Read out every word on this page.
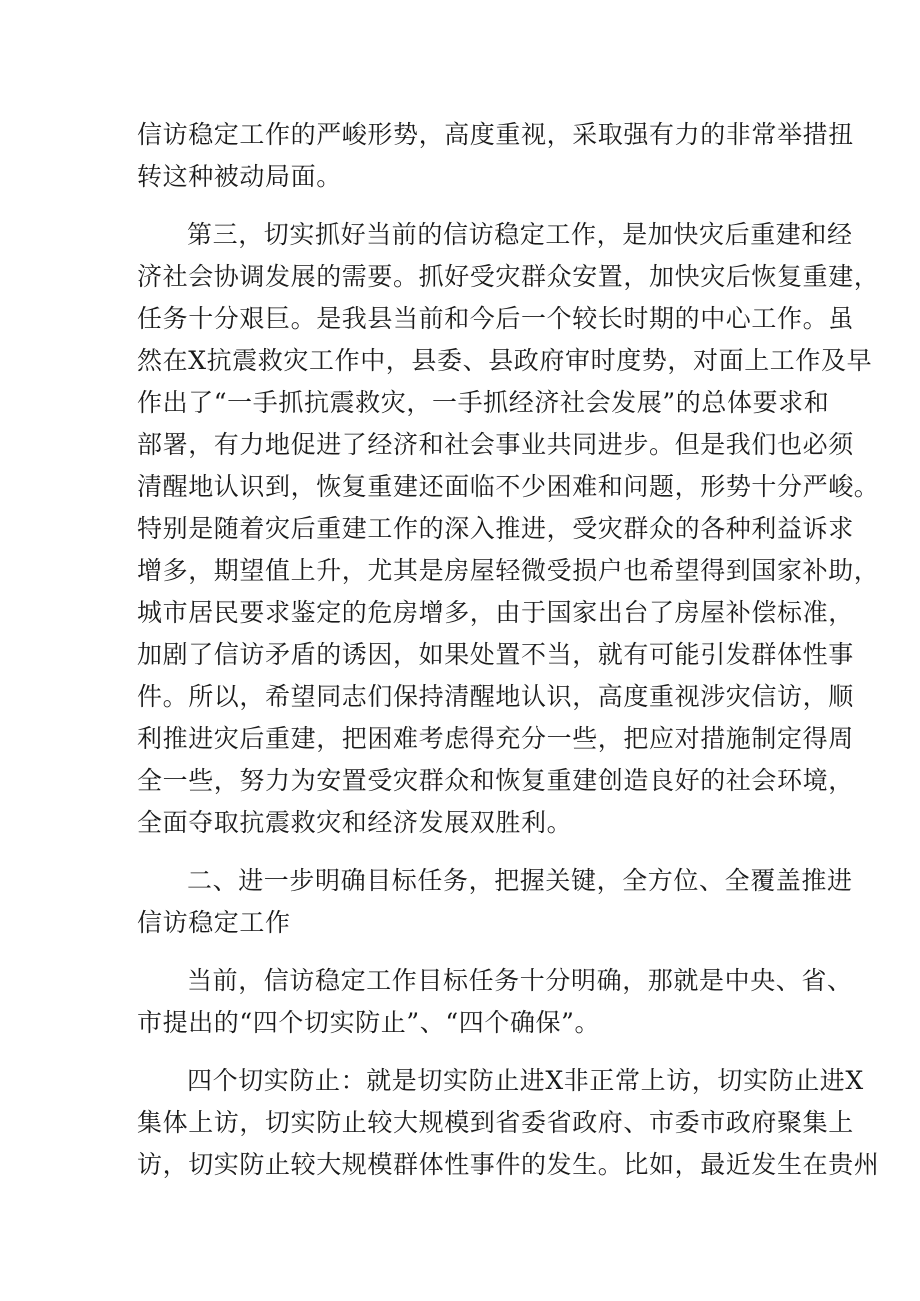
信访稳定工作的严峻形势，高度重视，采取强有力的非常举措扭
转这种被动局面。
第三，切实抓好当前的信访稳定工作，是加快灾后重建和经
济社会协调发展的需要。抓好受灾群众安置，加快灾后恢复重建，
任务十分艰巨。是我县当前和今后一个较长时期的中心工作。虽
然在X抗震救灾工作中，县委、县政府审时度势，对面上工作及早
作出了“一手抓抗震救灾，一手抓经济社会发展”的总体要求和
部署，有力地促进了经济和社会事业共同进步。但是我们也必须
清醒地认识到，恢复重建还面临不少困难和问题，形势十分严峻。
特别是随着灾后重建工作的深入推进，受灾群众的各种利益诉求
增多，期望值上升，尤其是房屋轻微受损户也希望得到国家补助，
城市居民要求鉴定的危房增多，由于国家出台了房屋补偿标准，
加剧了信访矛盾的诱因，如果处置不当，就有可能引发群体性事
件。所以，希望同志们保持清醒地认识，高度重视涉灾信访，顺
利推进灾后重建，把困难考虑得充分一些，把应对措施制定得周
全一些，努力为安置受灾群众和恢复重建创造良好的社会环境，
全面夺取抗震救灾和经济发展双胜利。
二、进一步明确目标任务，把握关键，全方位、全覆盖推进
信访稳定工作
当前，信访稳定工作目标任务十分明确，那就是中央、省、
市提出的“四个切实防止”、“四个确保”。
四个切实防止：就是切实防止进X非正常上访，切实防止进X
集体上访，切实防止较大规模到省委省政府、市委市政府聚集上
访，切实防止较大规模群体性事件的发生。比如，最近发生在贵州
